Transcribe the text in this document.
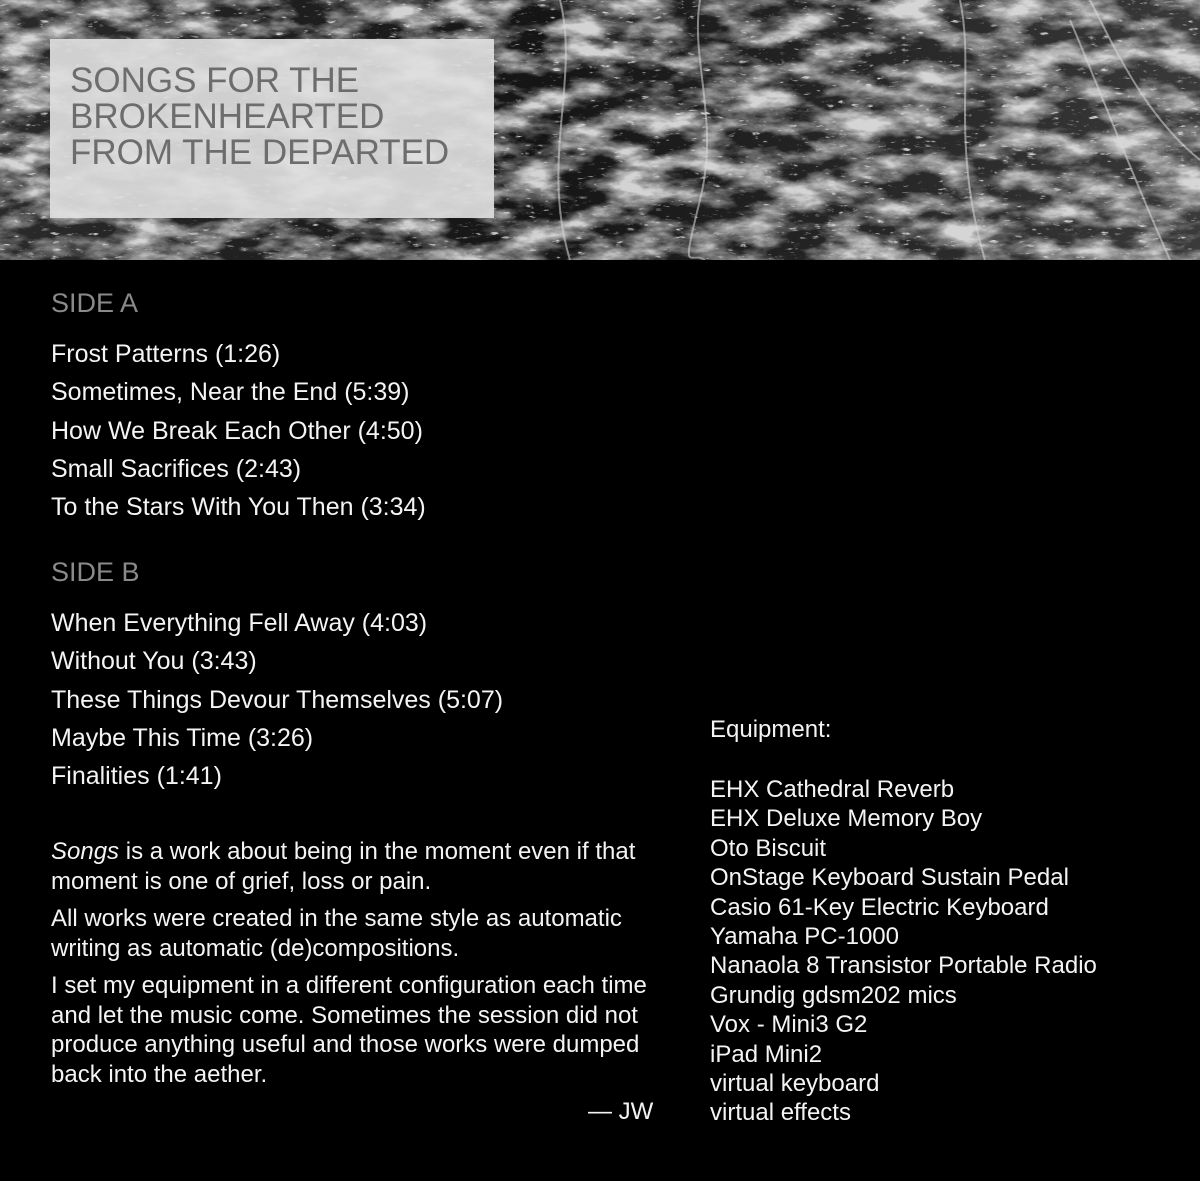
SONGS FOR THE
BROKENHEARTED
FROM THE DEPARTED
SIDE A
Frost Patterns (1:26)
Sometimes, Near the End (5:39)
How We Break Each Other (4:50)
Small Sacrifices (2:43)
To the Stars With You Then (3:34)
SIDE B
When Everything Fell Away (4:03)
Without You (3:43)
These Things Devour Themselves (5:07)
Maybe This Time (3:26)
Finalities (1:41)

Songs is a work about being in the moment even if that moment is one of grief, loss or pain.

All works were created in the same style as automatic writing as automatic (de)compositions.

I set my equipment in a different configuration each time and let the music come. Sometimes the session did not produce anything useful and those works were dumped back into the aether.

— JW
Equipment:
EHX Cathedral Reverb
EHX Deluxe Memory Boy
Oto Biscuit
OnStage Keyboard Sustain Pedal
Casio 61-Key Electric Keyboard
Yamaha PC-1000
Nanaola 8 Transistor Portable Radio
Grundig gdsm202 mics
Vox - Mini3 G2
iPad Mini2
virtual keyboard
virtual effects
